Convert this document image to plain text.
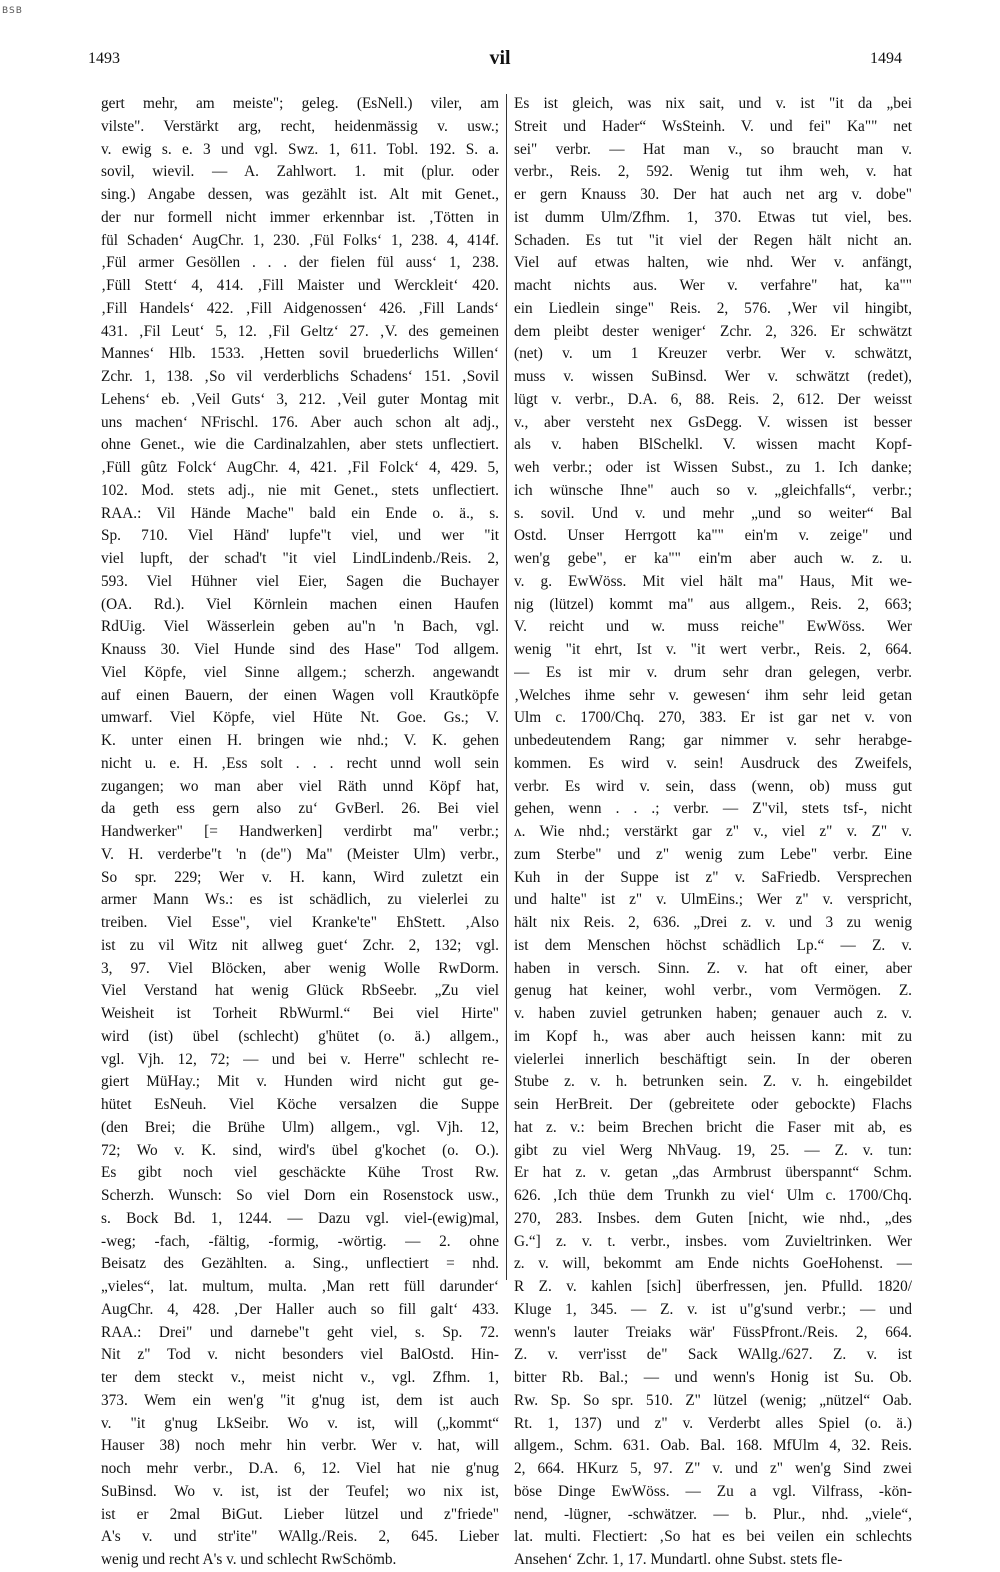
BSB
1493	vil	1494
gert mehr, am meiste"; geleg. (EsNell.) viler, am
vilste". Verstärkt arg, recht, heidenmässig v. usw.;
v. ewig s. e. 3 und vgl. Swz. 1, 611. Tobl. 192. S. a.
sovil, wievil. — A. Zahlwort. 1. mit (plur. oder
sing.) Angabe dessen, was gezählt ist. Alt mit Genet.,
der nur formell nicht immer erkennbar ist. ‚Tötten in
fül Schaden‘ AugChr. 1, 230. ‚Fül Folks‘ 1, 238. 4, 414f.
‚Fül armer Gesöllen . . . der fielen fül auss‘ 1, 238.
‚Füll Stett‘ 4, 414. ‚Fill Maister und Werckleit‘ 420.
‚Fill Handels‘ 422. ‚Fill Aidgenossen‘ 426. ‚Fill Lands‘
431. ‚Fil Leut‘ 5, 12. ‚Fil Geltz‘ 27. ‚V. des gemeinen
Mannes‘ Hlb. 1533. ‚Hetten sovil bruederlichs Willen‘
Zchr. 1, 138. ‚So vil verderblichs Schadens‘ 151. ‚Sovil
Lehens‘ eb. ‚Veil Guts‘ 3, 212. ‚Veil guter Montag mit
uns machen‘ NFrischl. 176. Aber auch schon alt adj.,
ohne Genet., wie die Cardinalzahlen, aber stets unflectiert.
‚Füll gûtz Folck‘ AugChr. 4, 421. ‚Fil Folck‘ 4, 429. 5,
102. Mod. stets adj., nie mit Genet., stets unflectiert.
RAA.: Vil Hände Mache" bald ein Ende o. ä., s.
Sp. 710. Viel Händ' lupfe"t viel, und wer "it
viel lupft, der schad't "it viel LindLindenb./Reis. 2,
593. Viel Hühner viel Eier, Sagen die Buchayer
(OA. Rd.). Viel Körnlein machen einen Haufen
RdUig. Viel Wässerlein geben au"n 'n Bach, vgl.
Knauss 30. Viel Hunde sind des Hase" Tod allgem.
Viel Köpfe, viel Sinne allgem.; scherzh. angewandt
auf einen Bauern, der einen Wagen voll Krautköpfe
umwarf. Viel Köpfe, viel Hüte Nt. Goe. Gs.; V.
K. unter einen H. bringen wie nhd.; V. K. gehen
nicht u. e. H. ‚Ess solt . . . recht unnd woll sein
zugangen; wo man aber viel Räth unnd Köpf hat,
da geth ess gern also zu‘ GvBerl. 26. Bei viel
Handwerker" [= Handwerken] verdirbt ma" verbr.;
V. H. verderbe"t 'n (de") Ma" (Meister Ulm) verbr.,
So spr. 229; Wer v. H. kann, Wird zuletzt ein
armer Mann Ws.: es ist schädlich, zu vielerlei zu
treiben. Viel Esse", viel Kranke'te" EhStett. ‚Also
ist zu vil Witz nit allweg guet‘ Zchr. 2, 132; vgl.
3, 97. Viel Blöcken, aber wenig Wolle RwDorm.
Viel Verstand hat wenig Glück RbSeebr. „Zu viel
Weisheit ist Torheit RbWurml.“ Bei viel Hirte"
wird (ist) übel (schlecht) g'hütet (o. ä.) allgem.,
vgl. Vjh. 12, 72; — und bei v. Herre" schlecht re-
giert MüHay.; Mit v. Hunden wird nicht gut ge-
hütet EsNeuh. Viel Köche versalzen die Suppe
(den Brei; die Brühe Ulm) allgem., vgl. Vjh. 12,
72; Wo v. K. sind, wird's übel g'kochet (o. O.).
Es gibt noch viel geschäckte Kühe Trost Rw.
Scherzh. Wunsch: So viel Dorn ein Rosenstock usw.,
s. Bock Bd. 1, 1244. — Dazu vgl. viel-(ewig)mal,
-weg; -fach, -fältig, -formig, -wörtig. — 2. ohne
Beisatz des Gezählten. a. Sing., unflectiert = nhd.
„vieles“, lat. multum, multa. ‚Man rett füll darunder‘
AugChr. 4, 428. ‚Der Haller auch so fill galt‘ 433.
RAA.: Drei" und darnebe"t geht viel, s. Sp. 72.
Nit z" Tod v. nicht besonders viel BalOstd. Hin-
ter dem steckt v., meist nicht v., vgl. Zfhm. 1,
373. Wem ein wen'g "it g'nug ist, dem ist auch
v. "it g'nug LkSeibr. Wo v. ist, will („kommt“
Hauser 38) noch mehr hin verbr. Wer v. hat, will
noch mehr verbr., D.A. 6, 12. Viel hat nie g'nug
SuBinsd. Wo v. ist, ist der Teufel; wo nix ist,
ist er 2mal BiGut. Lieber lützel und z"friede"
A's v. und str'ite" WAllg./Reis. 2, 645. Lieber
wenig und recht A's v. und schlecht RwSchömb.
Es ist gleich, was nix sait, und v. ist "it da „bei
Streit und Hader“ WsSteinh. V. und fei" Ka"" net
sei" verbr. — Hat man v., so braucht man v.
verbr., Reis. 2, 592. Wenig tut ihm weh, v. hat
er gern Knauss 30. Der hat auch net arg v. dobe"
ist dumm Ulm/Zfhm. 1, 370. Etwas tut viel, bes.
Schaden. Es tut "it viel der Regen hält nicht an.
Viel auf etwas halten, wie nhd. Wer v. anfängt,
macht nichts aus. Wer v. verfahre" hat, ka""
ein Liedlein singe" Reis. 2, 576. ‚Wer vil hingibt,
dem pleibt dester weniger‘ Zchr. 2, 326. Er schwätzt
(net) v. um 1 Kreuzer verbr. Wer v. schwätzt,
muss v. wissen SuBinsd. Wer v. schwätzt (redet),
lügt v. verbr., D.A. 6, 88. Reis. 2, 612. Der weisst
v., aber versteht nex GsDegg. V. wissen ist besser
als v. haben BlSchelkl. V. wissen macht Kopf-
weh verbr.; oder ist Wissen Subst., zu 1. Ich danke;
ich wünsche Ihne" auch so v. „gleichfalls“, verbr.;
s. sovil. Und v. und mehr „und so weiter“ Bal
Ostd. Unser Herrgott ka"" ein'm v. zeige" und
wen'g gebe", er ka"" ein'm aber auch w. z. u.
v. g. EwWöss. Mit viel hält ma" Haus, Mit we-
nig (lützel) kommt ma" aus allgem., Reis. 2, 663;
V. reicht und w. muss reiche" EwWöss. Wer
wenig "it ehrt, Ist v. "it wert verbr., Reis. 2, 664.
— Es ist mir v. drum sehr dran gelegen, verbr.
‚Welches ihme sehr v. gewesen‘ ihm sehr leid getan
Ulm c. 1700/Chq. 270, 383. Er ist gar net v. von
unbedeutendem Rang; gar nimmer v. sehr herabge-
kommen. Es wird v. sein! Ausdruck des Zweifels,
verbr. Es wird v. sein, dass (wenn, ob) muss gut
gehen, wenn . . .; verbr. — Z"vil, stets tsf-, nicht
ʌ. Wie nhd.; verstärkt gar z" v., viel z" v. Z" v.
zum Sterbe" und z" wenig zum Lebe" verbr. Eine
Kuh in der Suppe ist z" v. SaFriedb. Versprechen
und halte" ist z" v. UlmEins.; Wer z" v. verspricht,
hält nix Reis. 2, 636. „Drei z. v. und 3 zu wenig
ist dem Menschen höchst schädlich Lp.“ — Z. v.
haben in versch. Sinn. Z. v. hat oft einer, aber
genug hat keiner, wohl verbr., vom Vermögen. Z.
v. haben zuviel getrunken haben; genauer auch z. v.
im Kopf h., was aber auch heissen kann: mit zu
vielerlei innerlich beschäftigt sein. In der oberen
Stube z. v. h. betrunken sein. Z. v. h. eingebildet
sein HerBreit. Der (gebreitete oder gebockte) Flachs
hat z. v.: beim Brechen bricht die Faser mit ab, es
gibt zu viel Werg NhVaug. 19, 25. — Z. v. tun:
Er hat z. v. getan „das Armbrust überspannt“ Schm.
626. ‚Ich thüe dem Trunkh zu viel‘ Ulm c. 1700/Chq.
270, 283. Insbes. dem Guten [nicht, wie nhd., „des
G.“] z. v. t. verbr., insbes. vom Zuvieltrinken. Wer
z. v. will, bekommt am Ende nichts GoeHohenst. —
R Z. v. kahlen [sich] überfressen, jen. Pfulld. 1820/
Kluge 1, 345. — Z. v. ist u"g'sund verbr.; — und
wenn's lauter Treiaks wär' FüssPfront./Reis. 2, 664.
Z. v. verr'isst de" Sack WAllg./627. Z. v. ist
bitter Rb. Bal.; — und wenn's Honig ist Su. Ob.
Rw. Sp. So spr. 510. Z" lützel (wenig; „nützel“ Oab.
Rt. 1, 137) und z" v. Verderbt alles Spiel (o. ä.)
allgem., Schm. 631. Oab. Bal. 168. MfUlm 4, 32. Reis.
2, 664. HKurz 5, 97. Z" v. und z" wen'g Sind zwei
böse Dinge EwWöss. — Zu a vgl. Vilfrass, -kön-
nend, -lügner, -schwätzer. — b. Plur., nhd. „viele“,
lat. multi. Flectiert: ‚So hat es bei veilen ein schlechts
Ansehen‘ Zchr. 1, 17. Mundartl. ohne Subst. stets fle-
